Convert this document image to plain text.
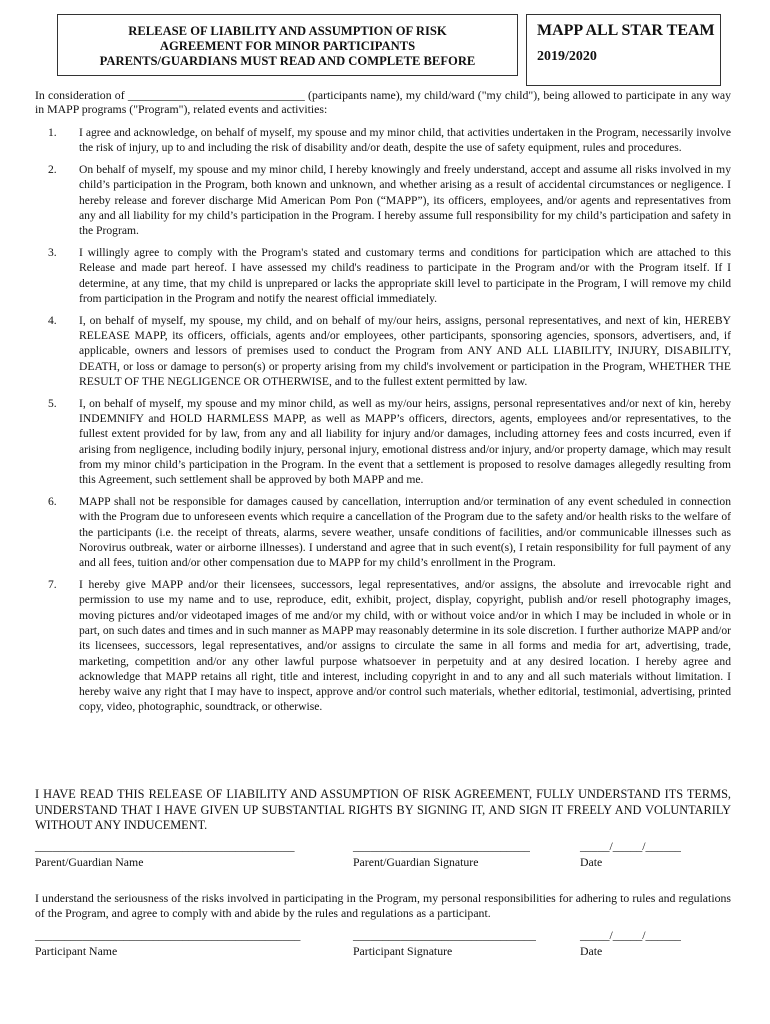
RELEASE OF LIABILITY AND ASSUMPTION OF RISK
AGREEMENT FOR MINOR PARTICIPANTS
PARENTS/GUARDIANS MUST READ AND COMPLETE BEFORE
MAPP ALL STAR TEAM
2019/2020
In consideration of ______________________________ (participants name), my child/ward ("my child"), being allowed to participate in any way in MAPP programs ("Program"), related events and activities:
1.	I agree and acknowledge, on behalf of myself, my spouse and my minor child, that activities undertaken in the Program, necessarily involve the risk of injury, up to and including the risk of disability and/or death, despite the use of safety equipment, rules and procedures.
2.	On behalf of myself, my spouse and my minor child, I hereby knowingly and freely understand, accept and assume all risks involved in my child’s participation in the Program, both known and unknown, and whether arising as a result of accidental circumstances or negligence. I hereby release and forever discharge Mid American Pom Pon (“MAPP”), its officers, employees, and/or agents and representatives from any and all liability for my child’s participation in the Program. I hereby assume full responsibility for my child’s participation and safety in the Program.
3.	I willingly agree to comply with the Program's stated and customary terms and conditions for participation which are attached to this Release and made part hereof. I have assessed my child's readiness to participate in the Program and/or with the Program itself. If I determine, at any time, that my child is unprepared or lacks the appropriate skill level to participate in the Program, I will remove my child from participation in the Program and notify the nearest official immediately.
4.	I, on behalf of myself, my spouse, my child, and on behalf of my/our heirs, assigns, personal representatives, and next of kin, HEREBY RELEASE MAPP, its officers, officials, agents and/or employees, other participants, sponsoring agencies, sponsors, advertisers, and, if applicable, owners and lessors of premises used to conduct the Program from ANY AND ALL LIABILITY, INJURY, DISABILITY, DEATH, or loss or damage to person(s) or property arising from my child's involvement or participation in the Program, WHETHER THE RESULT OF THE NEGLIGENCE OR OTHERWISE, and to the fullest extent permitted by law.
5.	I, on behalf of myself, my spouse and my minor child, as well as my/our heirs, assigns, personal representatives and/or next of kin, hereby INDEMNIFY and HOLD HARMLESS MAPP, as well as MAPP’s officers, directors, agents, employees and/or representatives, to the fullest extent provided for by law, from any and all liability for injury and/or damages, including attorney fees and costs incurred, even if arising from negligence, including bodily injury, personal injury, emotional distress and/or injury, and/or property damage, which may result from my minor child’s participation in the Program. In the event that a settlement is proposed to resolve damages allegedly resulting from this Agreement, such settlement shall be approved by both MAPP and me.
6.	MAPP shall not be responsible for damages caused by cancellation, interruption and/or termination of any event scheduled in connection with the Program due to unforeseen events which require a cancellation of the Program due to the safety and/or health risks to the welfare of the participants (i.e. the receipt of threats, alarms, severe weather, unsafe conditions of facilities, and/or communicable illnesses such as Norovirus outbreak, water or airborne illnesses). I understand and agree that in such event(s), I retain responsibility for full payment of any and all fees, tuition and/or other compensation due to MAPP for my child’s enrollment in the Program.
7.	I hereby give MAPP and/or their licensees, successors, legal representatives, and/or assigns, the absolute and irrevocable right and permission to use my name and to use, reproduce, edit, exhibit, project, display, copyright, publish and/or resell photography images, moving pictures and/or videotaped images of me and/or my child, with or without voice and/or in which I may be included in whole or in part, on such dates and times and in such manner as MAPP may reasonably determine in its sole discretion. I further authorize MAPP and/or its licensees, successors, legal representatives, and/or assigns to circulate the same in all forms and media for art, advertising, trade, marketing, competition and/or any other lawful purpose whatsoever in perpetuity and at any desired location. I hereby agree and acknowledge that MAPP retains all right, title and interest, including copyright in and to any and all such materials without limitation. I hereby waive any right that I may have to inspect, approve and/or control such materials, whether editorial, testimonial, advertising, printed copy, video, photographic, soundtrack, or otherwise.
I HAVE READ THIS RELEASE OF LIABILITY AND ASSUMPTION OF RISK AGREEMENT, FULLY UNDERSTAND ITS TERMS, UNDERSTAND THAT I HAVE GIVEN UP SUBSTANTIAL RIGHTS BY SIGNING IT, AND SIGN IT FREELY AND VOLUNTARILY WITHOUT ANY INDUCEMENT.
____________________________________________	______________________________	_____/_____/______
Parent/Guardian Name	Parent/Guardian Signature	Date
I understand the seriousness of the risks involved in participating in the Program, my personal responsibilities for adhering to rules and regulations of the Program, and agree to comply with and abide by the rules and regulations as a participant.
_____________________________________________	_______________________________	_____/_____/______
Participant Name	Participant Signature	Date
